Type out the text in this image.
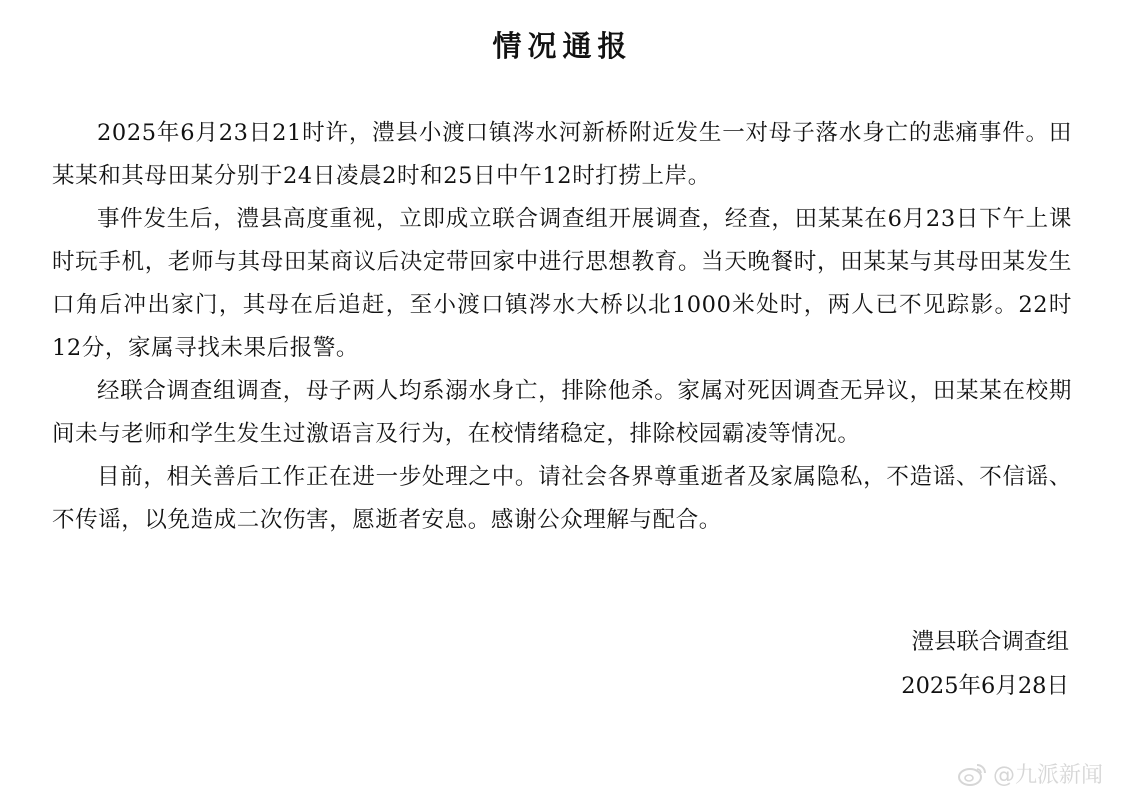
情况通报

2025年6月23日21时许，澧县小渡口镇涔水河新桥附近发生一对母子落水身亡的悲痛事件。田某某和其母田某分别于24日凌晨2时和25日中午12时打捞上岸。

事件发生后，澧县高度重视，立即成立联合调查组开展调查，经查，田某某在6月23日下午上课时玩手机，老师与其母田某商议后决定带回家中进行思想教育。当天晚餐时，田某某与其母田某发生口角后冲出家门，其母在后追赶，至小渡口镇涔水大桥以北1000米处时，两人已不见踪影。22时12分，家属寻找未果后报警。

经联合调查组调查，母子两人均系溺水身亡，排除他杀。家属对死因调查无异议，田某某在校期间未与老师和学生发生过激语言及行为，在校情绪稳定，排除校园霸凌等情况。

目前，相关善后工作正在进一步处理之中。请社会各界尊重逝者及家属隐私，不造谣、不信谣、不传谣，以免造成二次伤害，愿逝者安息。感谢公众理解与配合。

澧县联合调查组
2025年6月28日
@九派新闻
